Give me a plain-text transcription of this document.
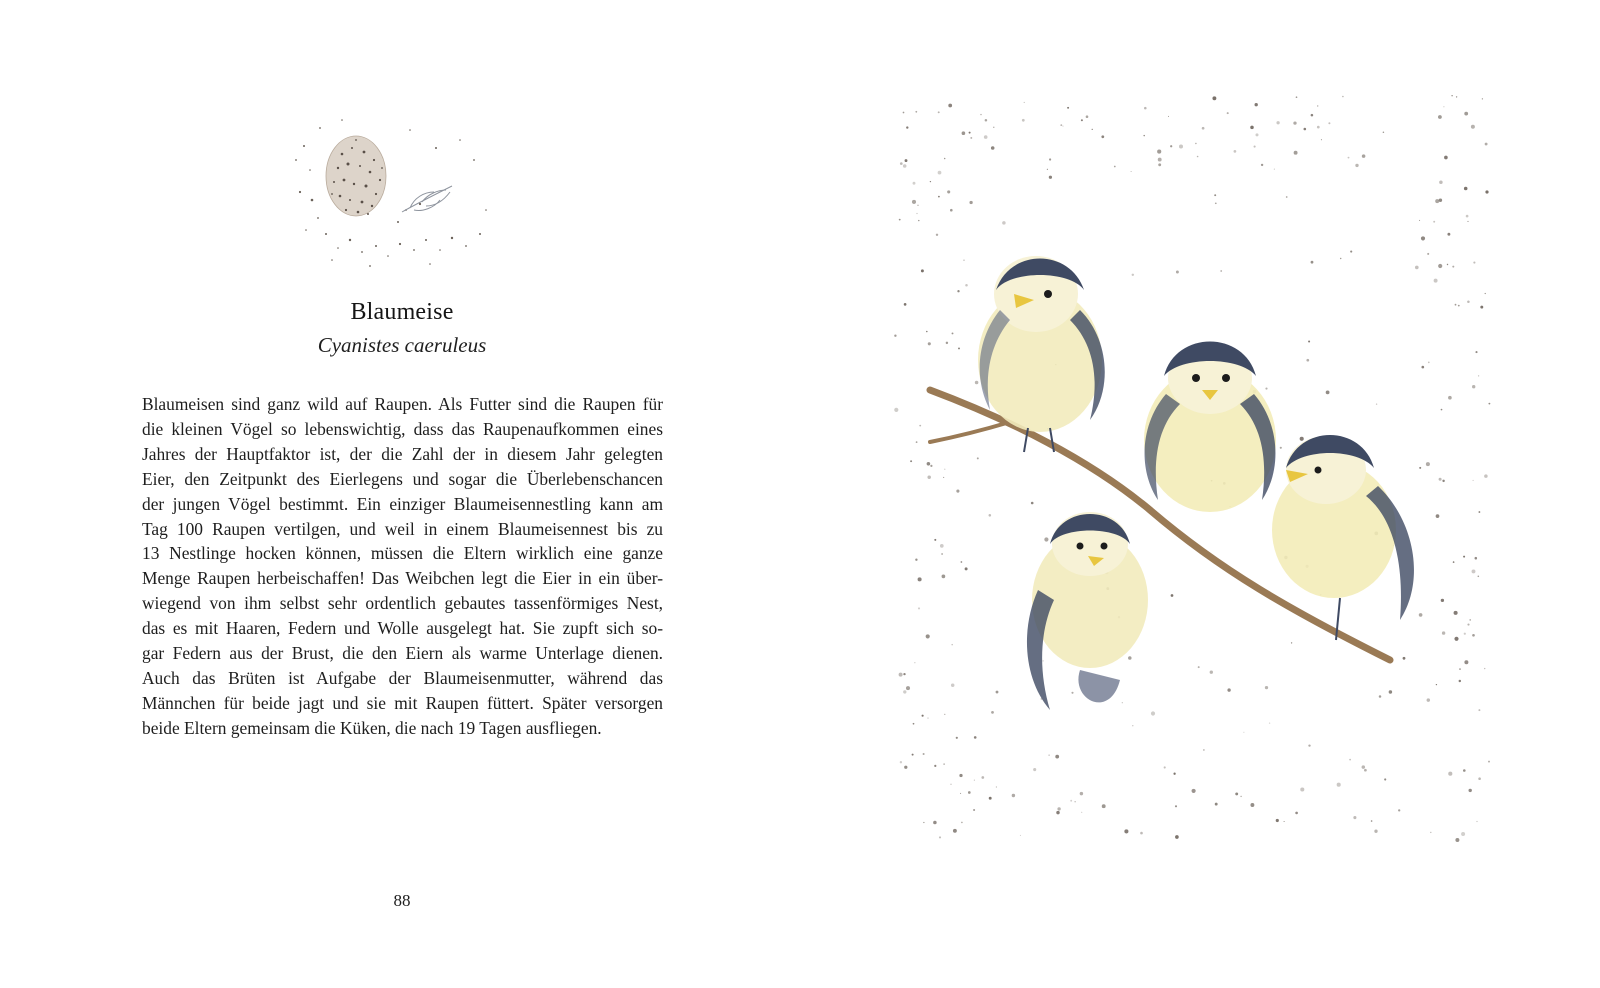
Blaumeise
Cyanistes caeruleus
Blaumeisen sind ganz wild auf Raupen. Als Futter sind die Raupen für
die kleinen Vögel so lebenswichtig, dass das Raupenaufkommen eines
Jahres der Hauptfaktor ist, der die Zahl der in diesem Jahr gelegten
Eier, den Zeitpunkt des Eierlegens und sogar die Überlebenschancen
der jungen Vögel bestimmt. Ein einziger Blaumeisennestling kann am
Tag 100 Raupen vertilgen, und weil in einem Blaumeisennest bis zu
13 Nestlinge hocken können, müssen die Eltern wirklich eine ganze
Menge Raupen herbeischaffen! Das Weibchen legt die Eier in ein über-
wiegend von ihm selbst sehr ordentlich gebautes tassenförmiges Nest,
das es mit Haaren, Federn und Wolle ausgelegt hat. Sie zupft sich so-
gar Federn aus der Brust, die den Eiern als warme Unterlage dienen.
Auch das Brüten ist Aufgabe der Blaumeisenmutter, während das
Männchen für beide jagt und sie mit Raupen füttert. Später versorgen
beide Eltern gemeinsam die Küken, die nach 19 Tagen ausfliegen.
88
